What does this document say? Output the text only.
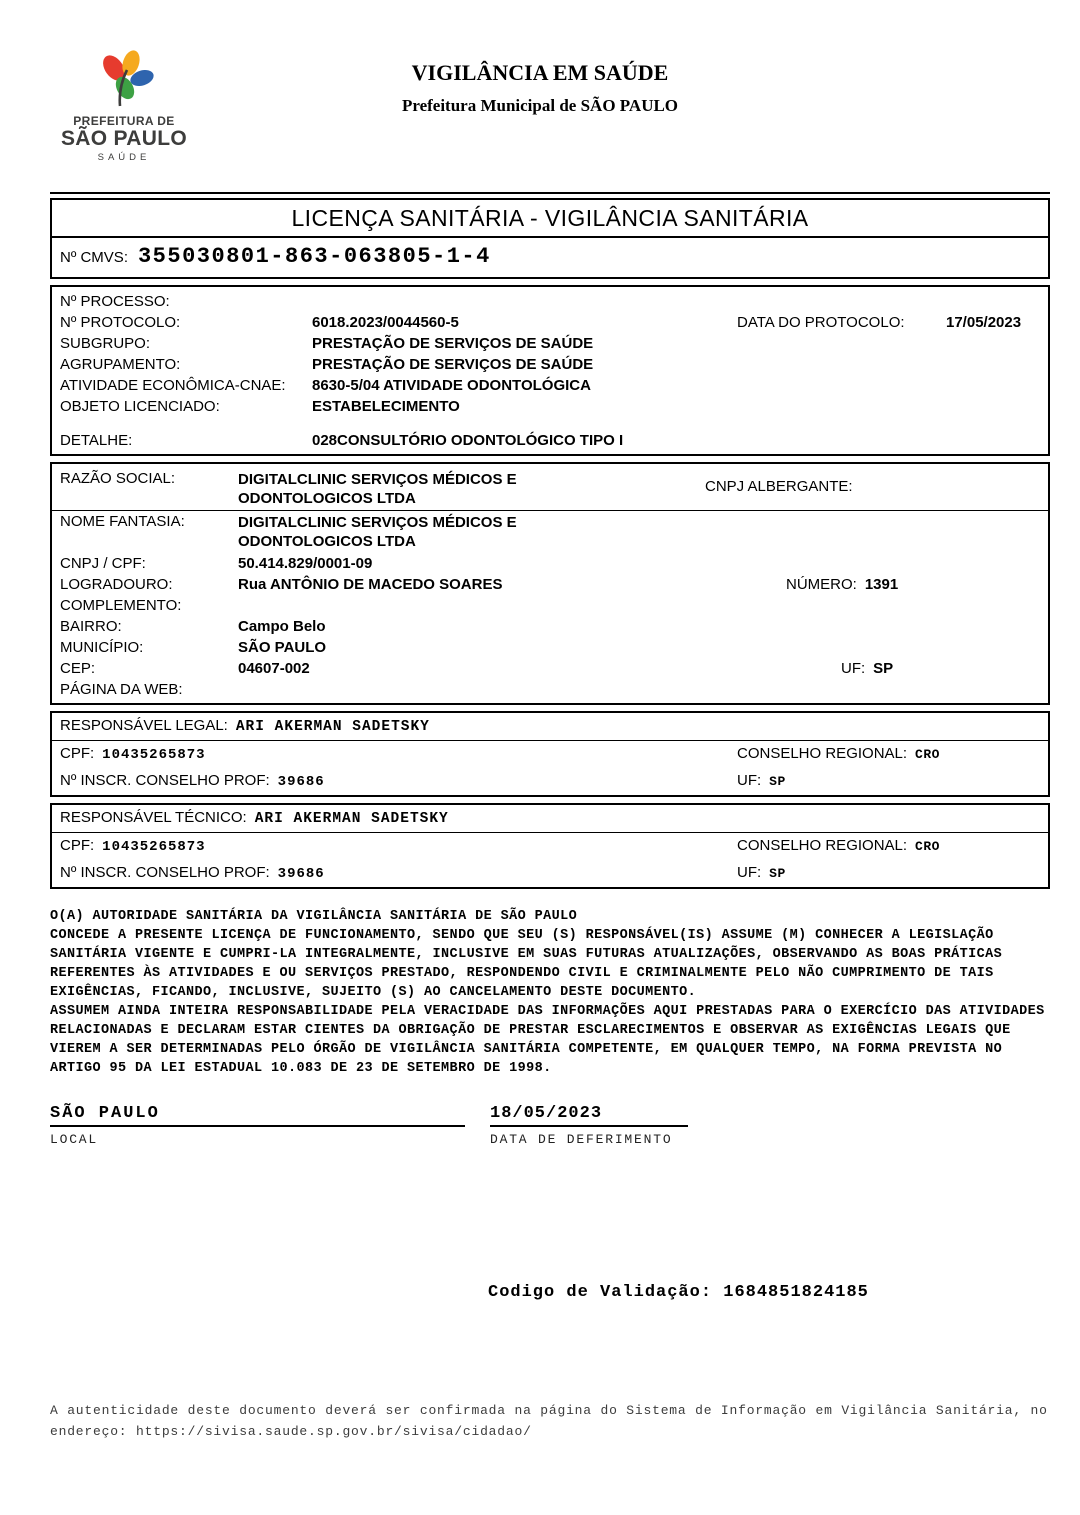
PREFEITURA DE
SÃO PAULO
SAÚDE
VIGILÂNCIA EM SAÚDE
Prefeitura Municipal de SÃO PAULO
LICENÇA SANITÁRIA - VIGILÂNCIA SANITÁRIA
Nº CMVS: 355030801-863-063805-1-4
Nº PROCESSO:
Nº PROTOCOLO:	6018.2023/0044560-5	DATA DO PROTOCOLO:	17/05/2023
SUBGRUPO:	PRESTAÇÃO DE SERVIÇOS DE SAÚDE
AGRUPAMENTO:	PRESTAÇÃO DE SERVIÇOS DE SAÚDE
ATIVIDADE ECONÔMICA-CNAE: 8630-5/04 ATIVIDADE ODONTOLÓGICA
OBJETO LICENCIADO:	ESTABELECIMENTO
DETALHE:	028CONSULTÓRIO ODONTOLÓGICO TIPO I
RAZÃO SOCIAL:	DIGITALCLINIC SERVIÇOS MÉDICOS E ODONTOLOGICOS LTDA
CNPJ ALBERGANTE:
NOME FANTASIA:	DIGITALCLINIC SERVIÇOS MÉDICOS E ODONTOLOGICOS LTDA
CNPJ / CPF:	50.414.829/0001-09
LOGRADOURO:	Rua ANTÔNIO DE MACEDO SOARES	NÚMERO: 1391
COMPLEMENTO:
BAIRRO:	Campo Belo
MUNICÍPIO:	SÃO PAULO
CEP:	04607-002	UF: SP
PÁGINA DA WEB:
RESPONSÁVEL LEGAL: ARI AKERMAN SADETSKY
CPF: 10435265873	CONSELHO REGIONAL: CRO
Nº INSCR. CONSELHO PROF: 39686	UF: SP
RESPONSÁVEL TÉCNICO: ARI AKERMAN SADETSKY
CPF: 10435265873	CONSELHO REGIONAL: CRO
Nº INSCR. CONSELHO PROF: 39686	UF: SP

O(A) AUTORIDADE SANITÁRIA DA VIGILÂNCIA SANITÁRIA DE SÃO PAULO

CONCEDE A PRESENTE LICENÇA DE FUNCIONAMENTO, SENDO QUE SEU (S) RESPONSÁVEL(IS) ASSUME (M) CONHECER A LEGISLAÇÃO SANITÁRIA VIGENTE E CUMPRI-LA INTEGRALMENTE, INCLUSIVE EM SUAS FUTURAS ATUALIZAÇÕES, OBSERVANDO AS BOAS PRÁTICAS REFERENTES ÀS ATIVIDADES E OU SERVIÇOS PRESTADO, RESPONDENDO CIVIL E CRIMINALMENTE PELO NÃO CUMPRIMENTO DE TAIS EXIGÊNCIAS, FICANDO, INCLUSIVE, SUJEITO (S) AO CANCELAMENTO DESTE DOCUMENTO.

ASSUMEM AINDA INTEIRA RESPONSABILIDADE PELA VERACIDADE DAS INFORMAÇÕES AQUI PRESTADAS PARA O EXERCÍCIO DAS ATIVIDADES RELACIONADAS E DECLARAM ESTAR CIENTES DA OBRIGAÇÃO DE PRESTAR ESCLARECIMENTOS E OBSERVAR AS EXIGÊNCIAS LEGAIS QUE VIEREM A SER DETERMINADAS PELO ÓRGÃO DE VIGILÂNCIA SANITÁRIA COMPETENTE, EM QUALQUER TEMPO, NA FORMA PREVISTA NO ARTIGO 95 DA LEI ESTADUAL 10.083 DE 23 DE SETEMBRO DE 1998.

SÃO PAULO	18/05/2023
LOCAL	DATA DE DEFERIMENTO
Codigo de Validação: 1684851824185
A autenticidade deste documento deverá ser confirmada na página do Sistema de Informação em Vigilância Sanitária, no endereço: https://sivisa.saude.sp.gov.br/sivisa/cidadao/
